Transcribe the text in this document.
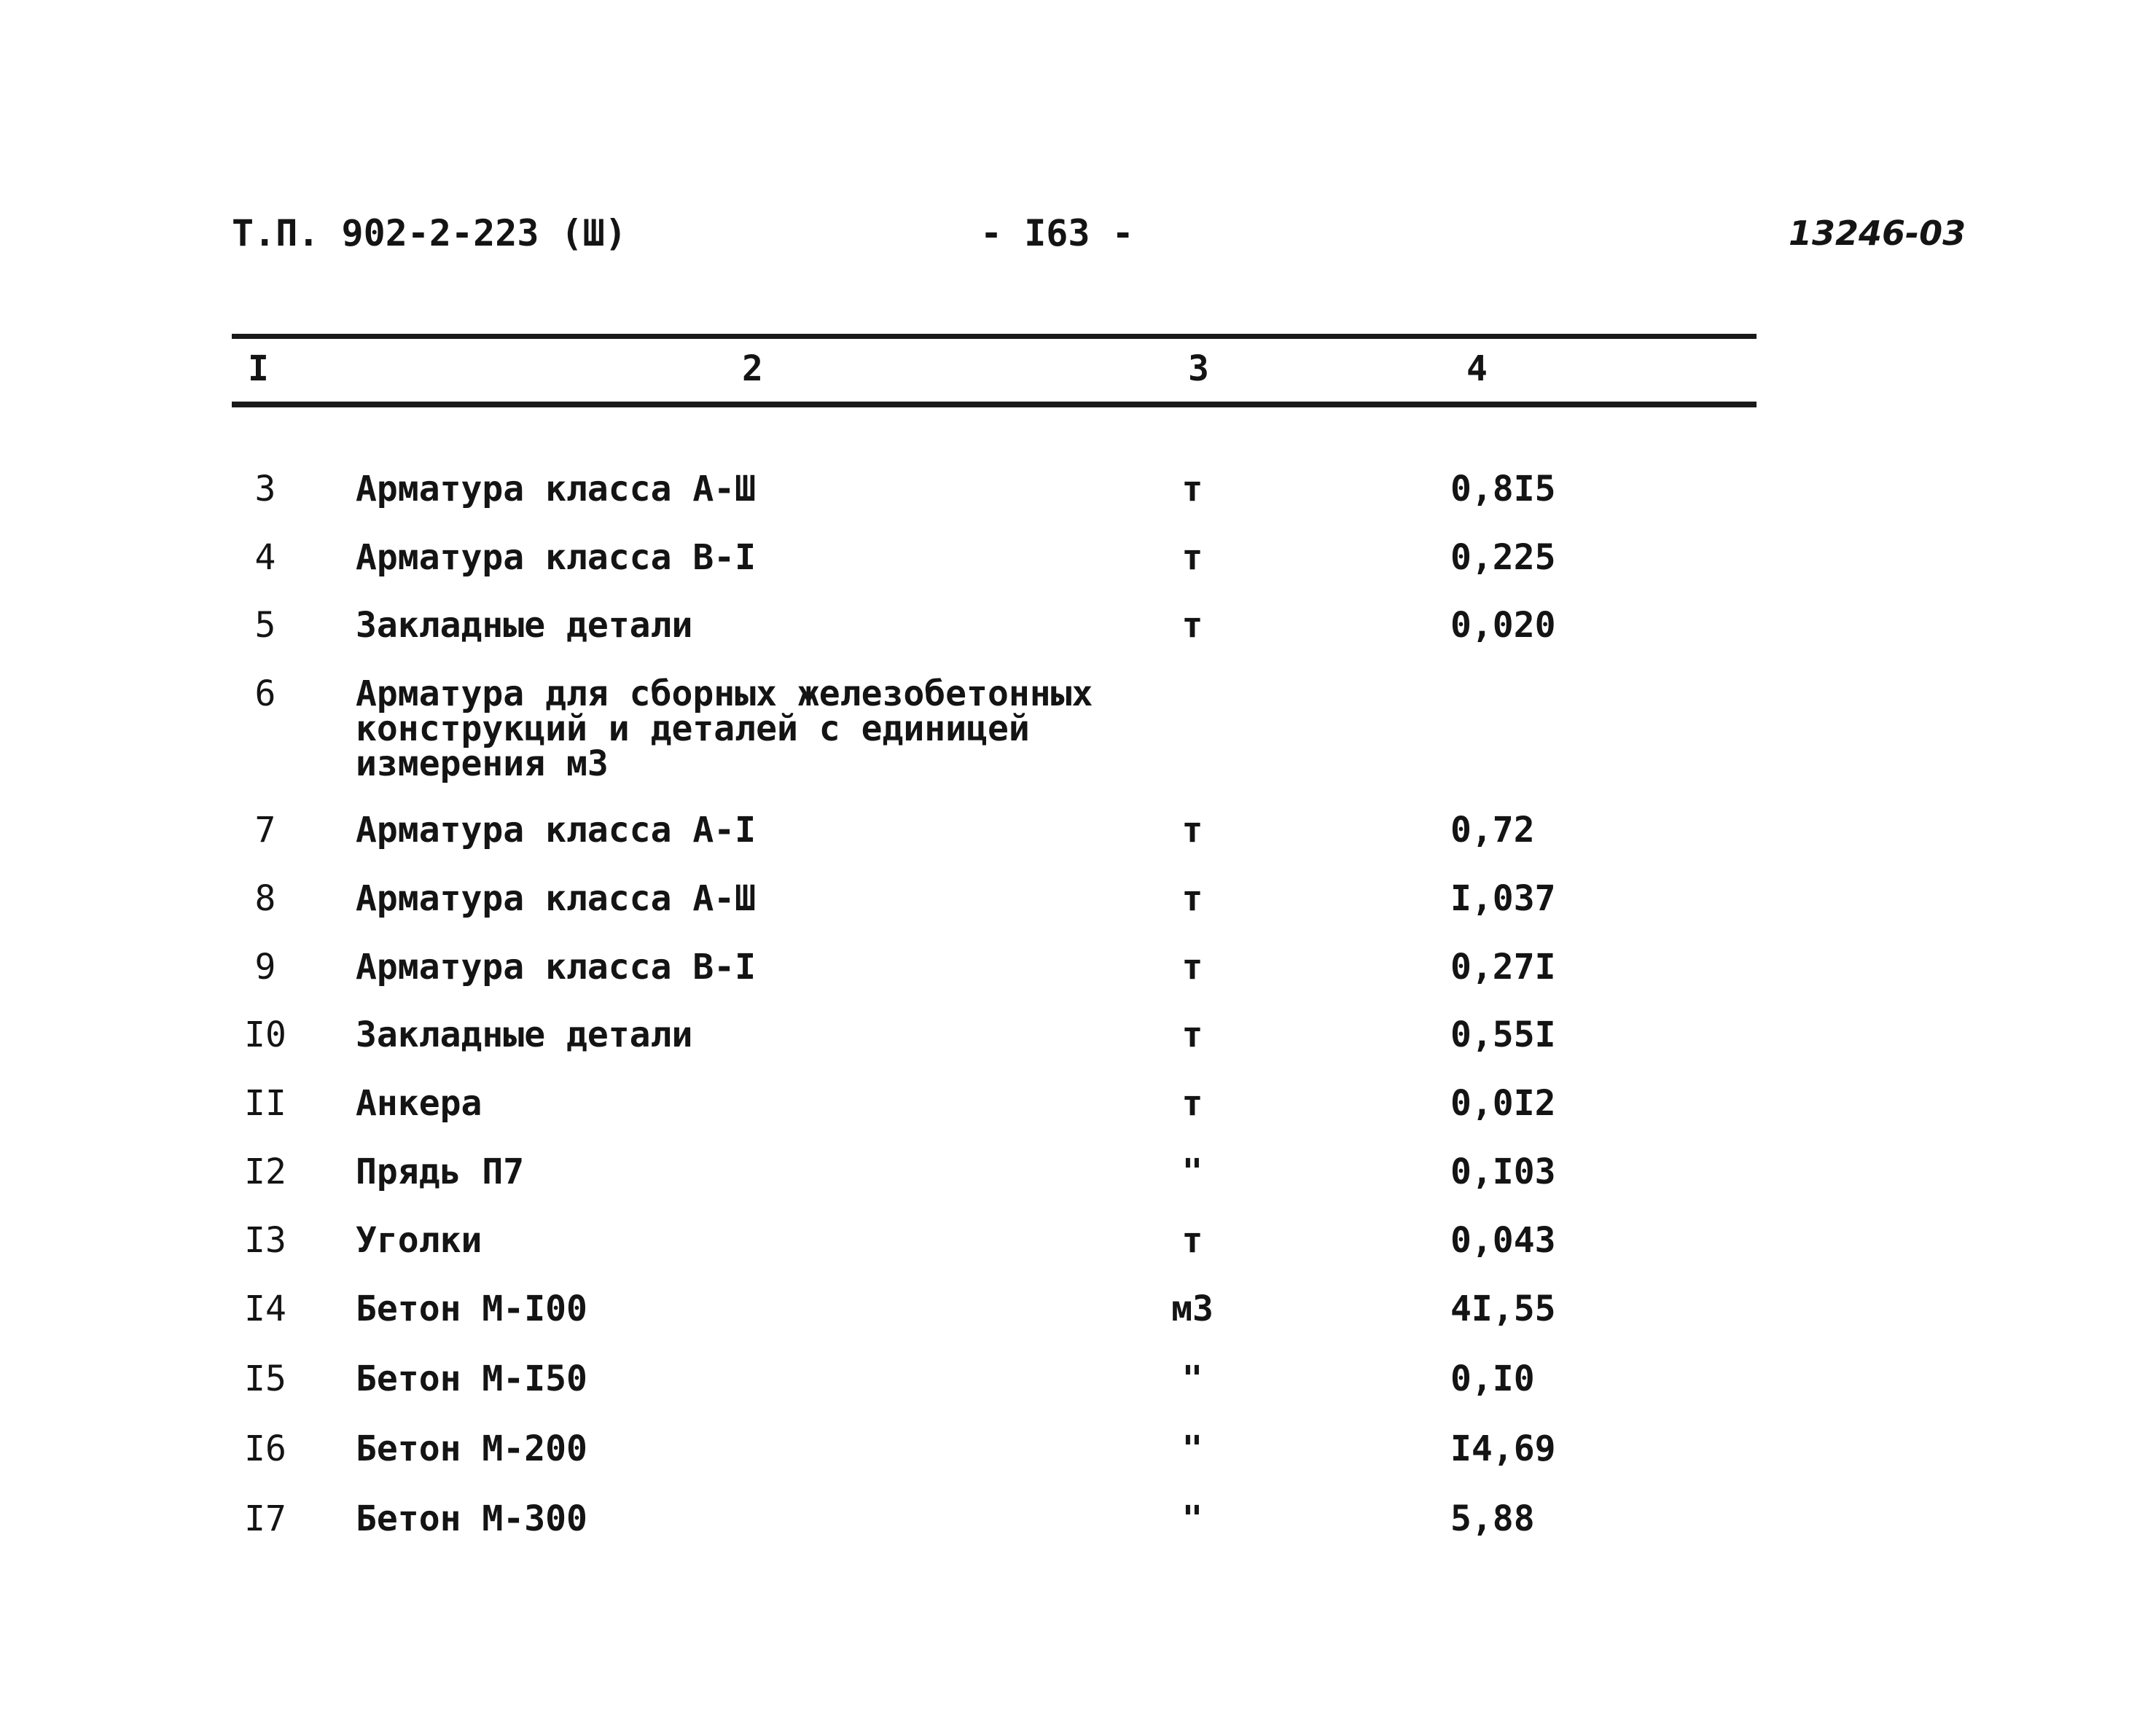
Т.П. 902-2-223 (Ш)	- I63 -	13246-03
I	2	3	4
3	Арматура класса А-Ш	т	0,8I5
4	Арматура класса В-I	т	0,225
5	Закладные детали	т	0,020
6	Арматура для сборных железобетонных
конструкций и деталей с единицей
измерения м3
7	Арматура класса А-I	т	0,72
8	Арматура класса А-Ш	т	I,037
9	Арматура класса В-I	т	0,27I
I0 Закладные детали	т	0,55I
II Анкера	т	0,0I2
I2 Прядь П7	"	0,I03
I3 Уголки	т	0,043
I4 Бетон М-I00	м3	4I,55
I5 Бетон М-I50	"	0,I0
I6 Бетон М-200	"	I4,69
I7 Бетон М-300	"	5,88
